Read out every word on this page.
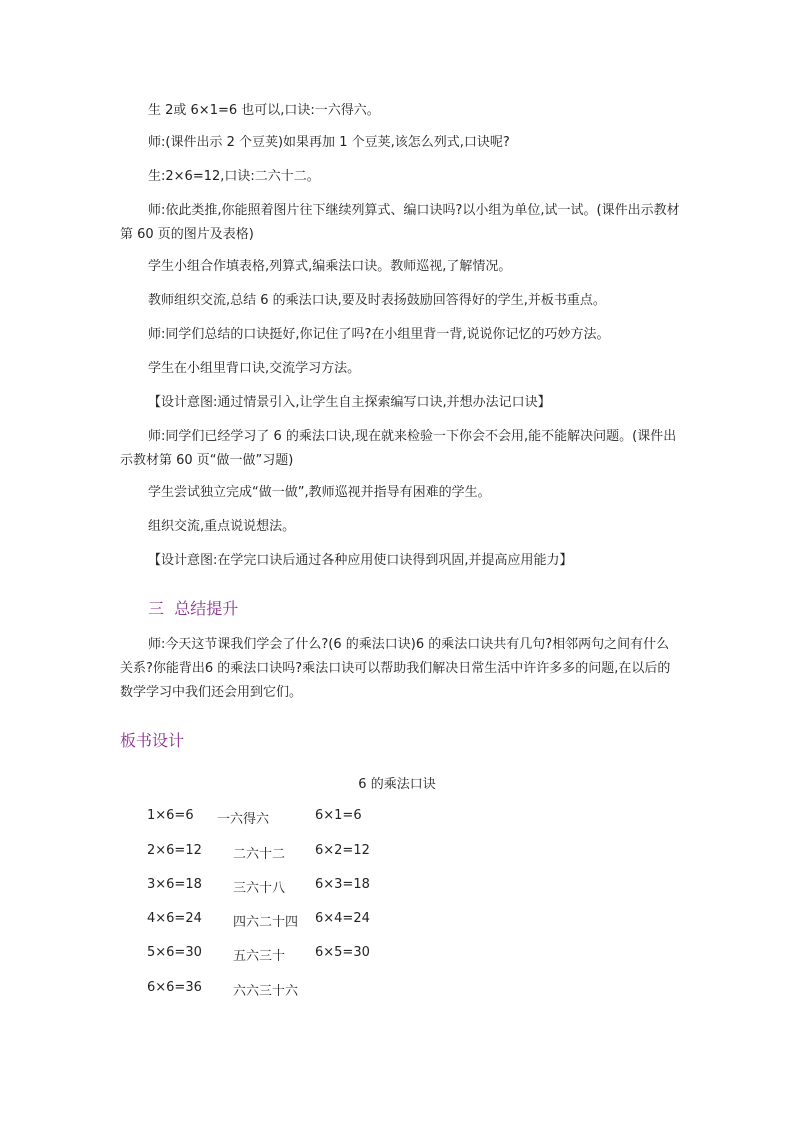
生 2或 6×1=6 也可以,口诀:一六得六。
师:(课件出示 2 个豆荚)如果再加 1 个豆荚,该怎么列式,口诀呢?
生:2×6=12,口诀:二六十二。
师:依此类推,你能照着图片往下继续列算式、编口诀吗?以小组为单位,试一试。(课件出示教材第 60 页的图片及表格)
学生小组合作填表格,列算式,编乘法口诀。教师巡视,了解情况。
教师组织交流,总结 6 的乘法口诀,要及时表扬鼓励回答得好的学生,并板书重点。
师:同学们总结的口诀挺好,你记住了吗?在小组里背一背,说说你记忆的巧妙方法。
学生在小组里背口诀,交流学习方法。
【设计意图:通过情景引入,让学生自主探索编写口诀,并想办法记口诀】
师:同学们已经学习了 6 的乘法口诀,现在就来检验一下你会不会用,能不能解决问题。(课件出示教材第 60 页“做一做”习题)
学生尝试独立完成“做一做”,教师巡视并指导有困难的学生。
组织交流,重点说说想法。
【设计意图:在学完口诀后通过各种应用使口诀得到巩固,并提高应用能力】
三 总结提升
师:今天这节课我们学会了什么?(6 的乘法口诀)6 的乘法口诀共有几句?相邻两句之间有什么关系?你能背出6 的乘法口诀吗?乘法口诀可以帮助我们解决日常生活中许许多多的问题,在以后的数学学习中我们还会用到它们。
板书设计
6 的乘法口诀
1×6=6 一六得六	6×1=6
2×6=12 二六十二 6×2=12
3×6=18 三六十八 6×3=18
4×6=24 四六二十四 6×4=24
5×6=30 五六三十 6×5=30
6×6=36 六六三十六
